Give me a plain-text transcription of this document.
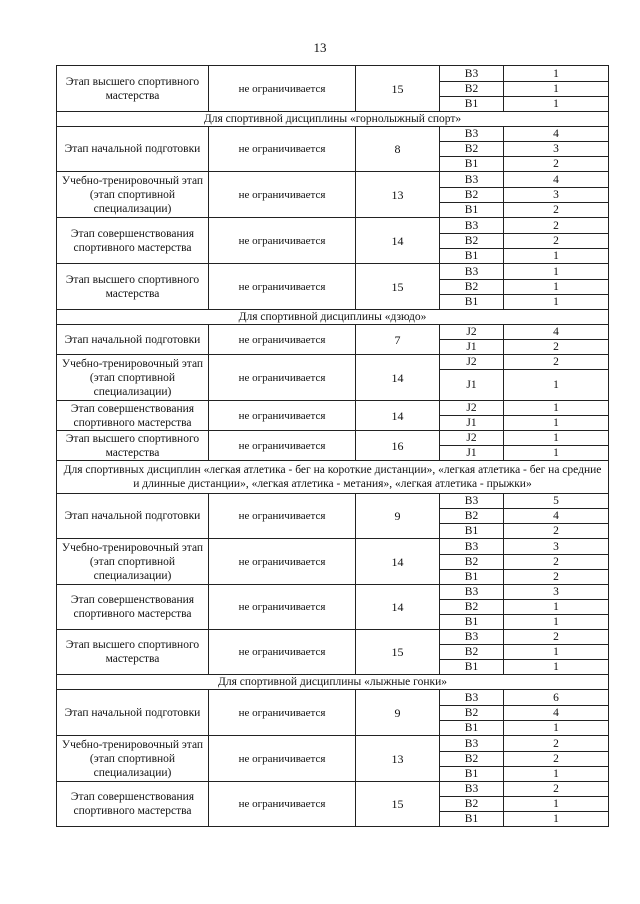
13
Этап высшего спортивного мастерства	не ограничивается	15	В3	1
			В2	1
			В1	1
Для спортивной дисциплины «горнолыжный спорт»				
Этап начальной подготовки	не ограничивается	8	В3	4
			В2	3
			В1	2
Учебно-тренировочный этап (этап спортивной специализации)	не ограничивается	13	В3	4
			В2	3
			В1	2
Этап совершенствования спортивного мастерства	не ограничивается	14	В3	2
			В2	2
			В1	1
Этап высшего спортивного мастерства	не ограничивается	15	В3	1
			В2	1
			В1	1
Для спортивной дисциплины «дзюдо»				
Этап начальной подготовки	не ограничивается	7	J2	4
			J1	2
Учебно-тренировочный этап (этап спортивной специализации)	не ограничивается	14	J2	2
			J1	1
Этап совершенствования спортивного мастерства	не ограничивается	14	J2	1
			J1	1
Этап высшего спортивного мастерства	не ограничивается	16	J2	1
			J1	1
Для спортивных дисциплин «легкая атлетика - бег на короткие дистанции», «легкая атлетика - бег на средние и длинные дистанции», «легкая атлетика - метания», «легкая атлетика - прыжки»				
Этап начальной подготовки	не ограничивается	9	В3	5
			В2	4
			В1	2
Учебно-тренировочный этап (этап спортивной специализации)	не ограничивается	14	В3	3
			В2	2
			В1	2
Этап совершенствования спортивного мастерства	не ограничивается	14	В3	3
			В2	1
			В1	1
Этап высшего спортивного мастерства	не ограничивается	15	В3	2
			В2	1
			В1	1
Для спортивной дисциплины «лыжные гонки»				
Этап начальной подготовки	не ограничивается	9	В3	6
			В2	4
			В1	1
Учебно-тренировочный этап (этап спортивной специализации)	не ограничивается	13	В3	2
			В2	2
			В1	1
Этап совершенствования спортивного мастерства	не ограничивается	15	В3	2
			В2	1
			В1	1
